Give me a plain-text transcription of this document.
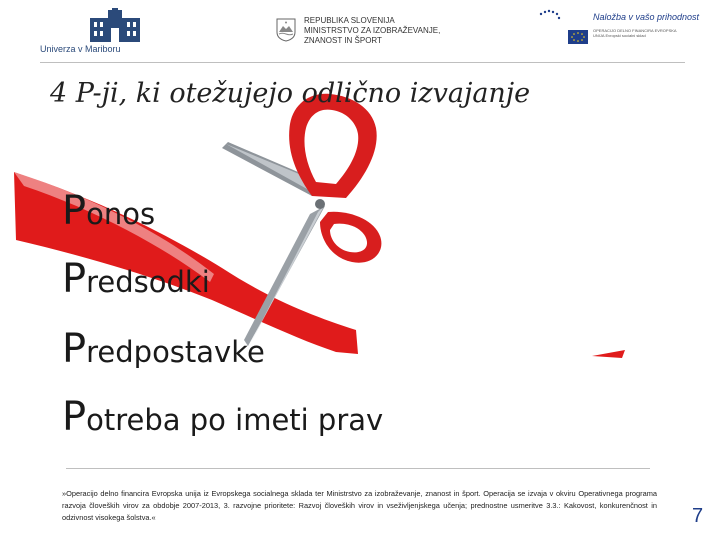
Univerza v Mariboru
REPUBLIKA SLOVENIJA
MINISTRSTVO ZA IZOBRAŽEVANJE,
ZNANOST IN ŠPORT
Naložba v vašo prihodnost
OPERACIJO DELNO FINANCIRA EVROPSKA UNIJA Evropski socialni sklad
4 P-ji, ki otežujejo odlično izvajanje
Ponos
Predsodki
Predpostavke
Potreba po imeti prav
»Operacijo delno financira Evropska unija iz Evropskega socialnega sklada ter Ministrstvo za izobraževanje, znanost in šport. Operacija se izvaja v okviru Operativnega programa razvoja človeških virov za obdobje 2007-2013, 3. razvojne prioritete: Razvoj človeških virov in vseživljenjskega učenja; prednostne usmeritve 3.3.: Kakovost, konkurenčnost in odzivnost visokega šolstva.«	7
